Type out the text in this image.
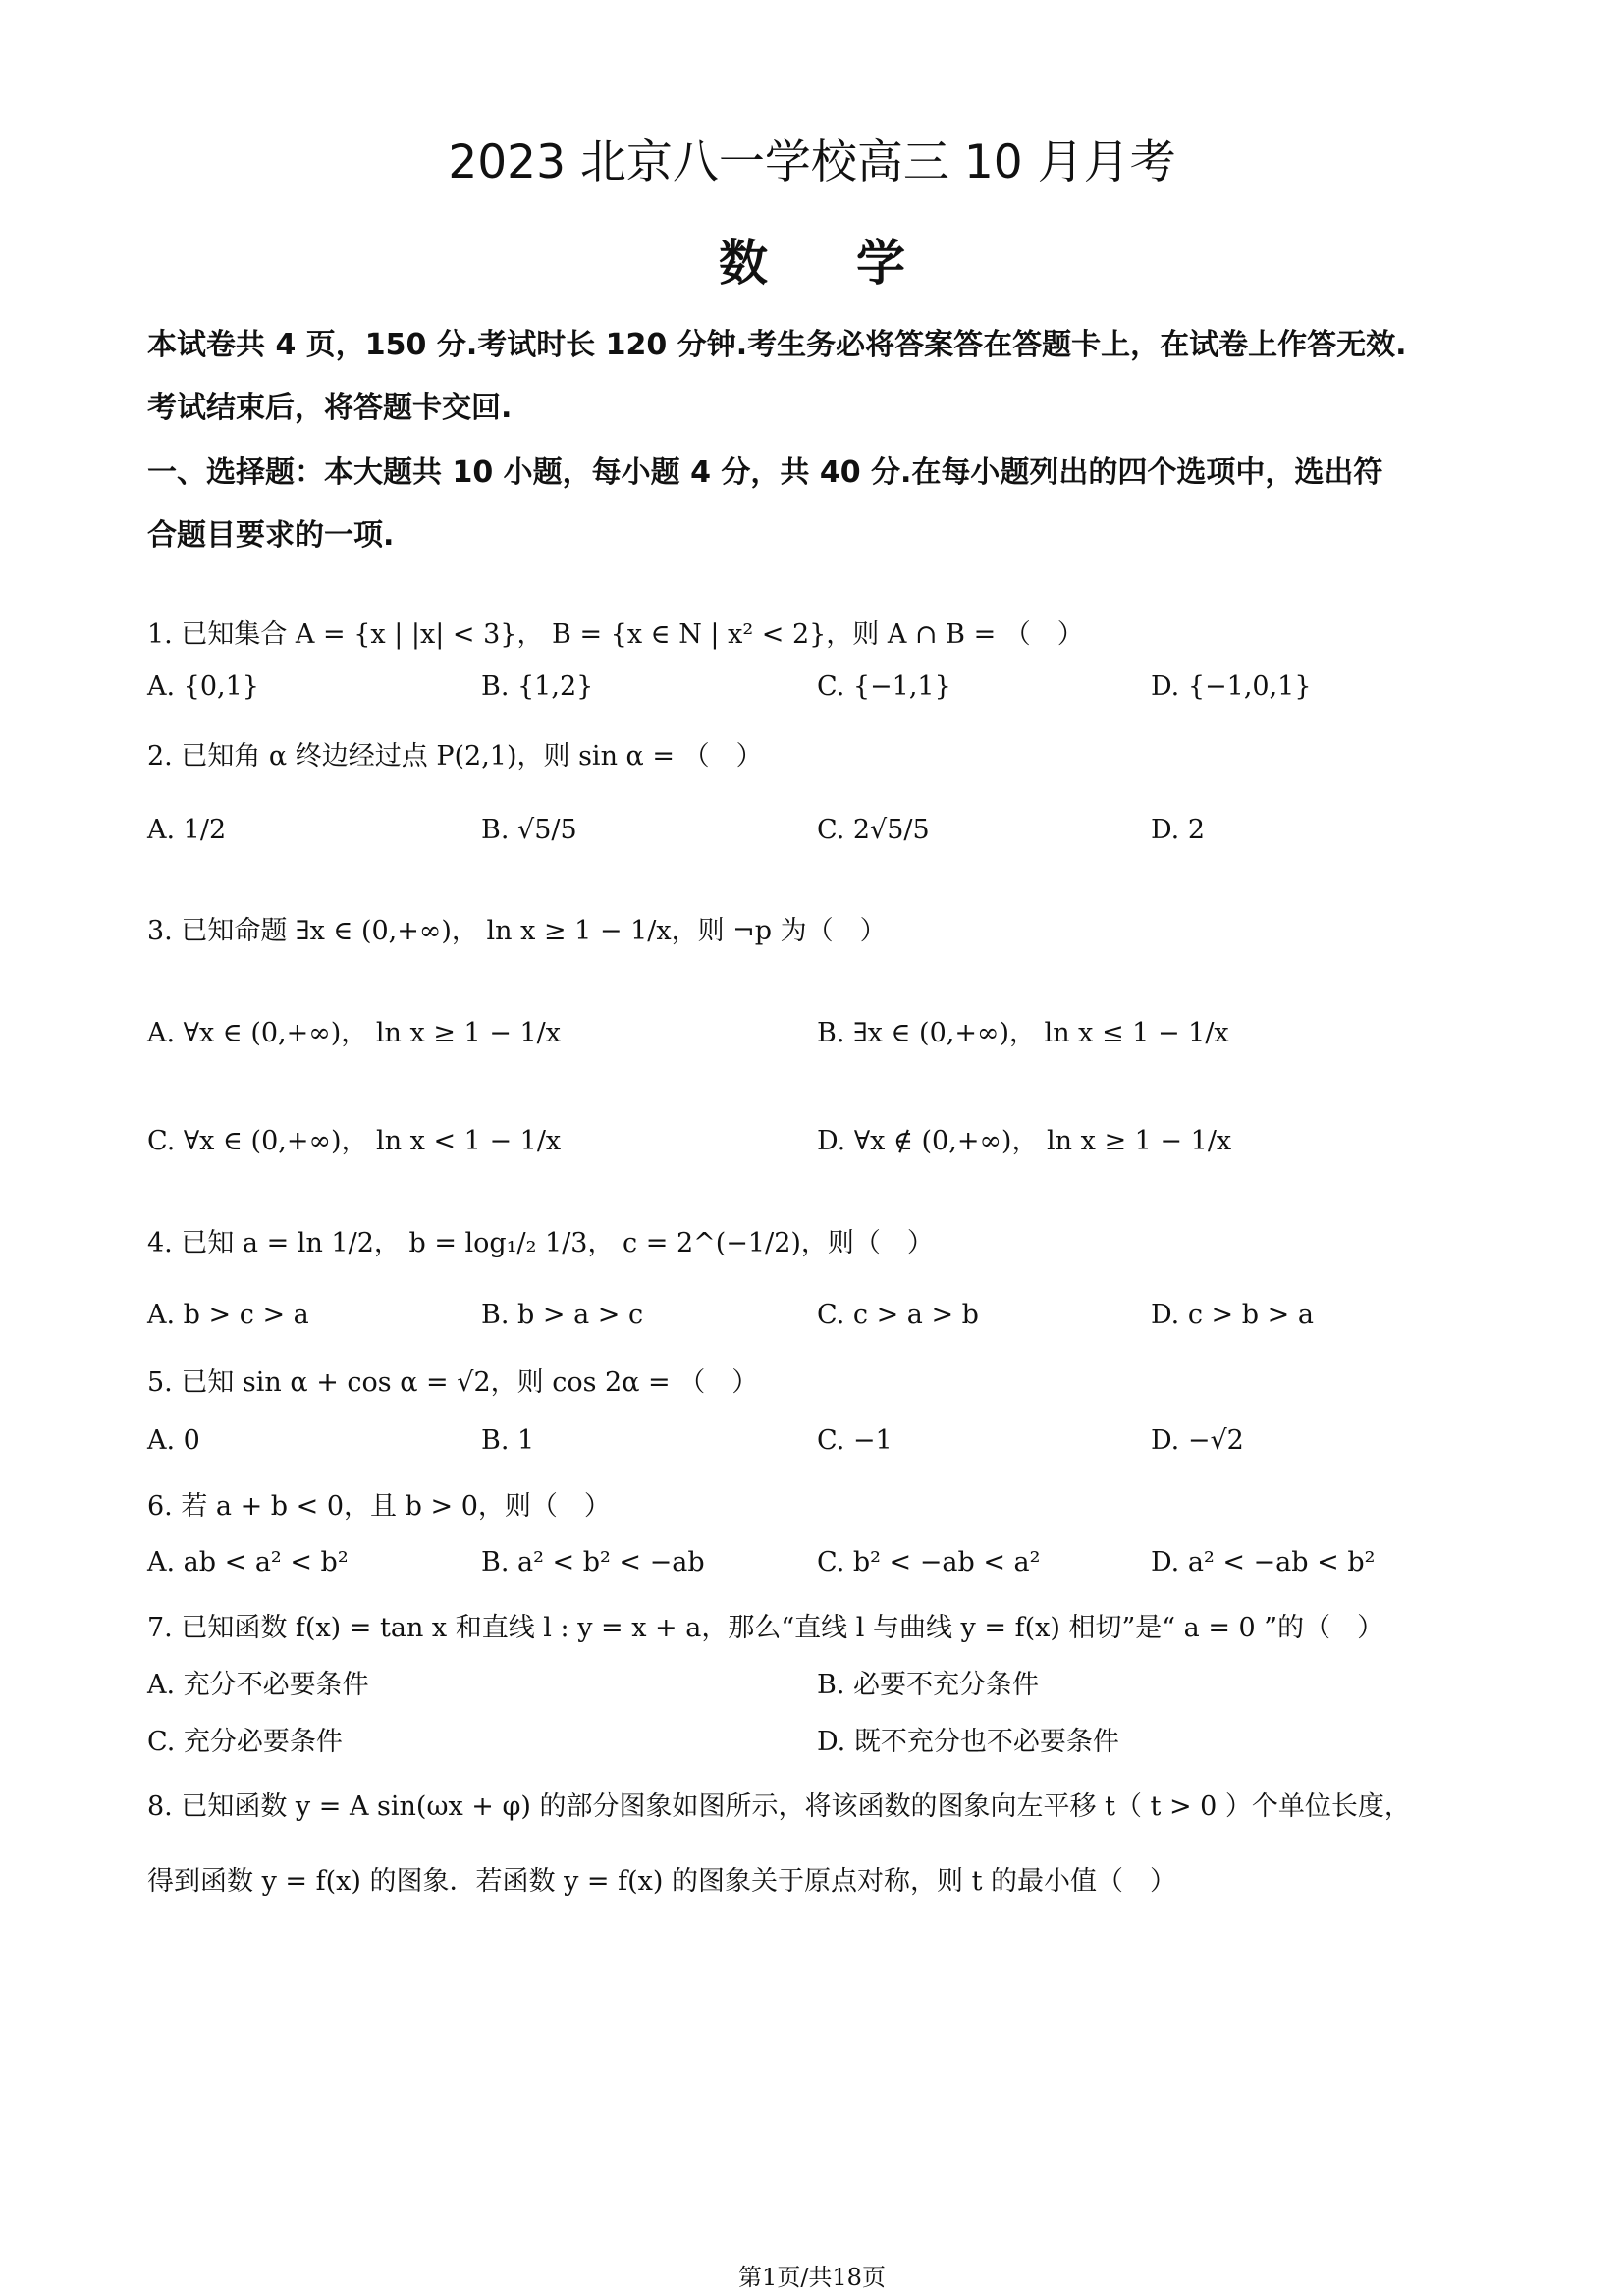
2023 北京八一学校高三 10 月月考
数学
本试卷共 4 页，150 分.考试时长 120 分钟.考生务必将答案答在答题卡上，在试卷上作答无效.
考试结束后，将答题卡交回.
一、选择题：本大题共 10 小题，每小题 4 分，共 40 分.在每小题列出的四个选项中，选出符
合题目要求的一项.
1. 已知集合 A = {x | |x| < 3}， B = {x ∈ N | x² < 2}，则 A ∩ B = （　）
A. {0,1}	B. {1,2}	C. {−1,1}	D. {−1,0,1}
2. 已知角 α 终边经过点 P(2,1)，则 sin α = （　）
A. 1/2	B. √5/5	C. 2√5/5	D. 2
3. 已知命题 ∃x ∈ (0,+∞)， ln x ≥ 1 − 1/x，则 ¬p 为（　）
A. ∀x ∈ (0,+∞)， ln x ≥ 1 − 1/x	B. ∃x ∈ (0,+∞)， ln x ≤ 1 − 1/x
C. ∀x ∈ (0,+∞)， ln x < 1 − 1/x	D. ∀x ∉ (0,+∞)， ln x ≥ 1 − 1/x
4. 已知 a = ln 1/2， b = log₁/₂ 1/3， c = 2^(−1/2)，则（　）
A. b > c > a	B. b > a > c	C. c > a > b	D. c > b > a
5. 已知 sin α + cos α = √2，则 cos 2α = （　）
A. 0	B. 1	C. −1	D. −√2
6. 若 a + b < 0，且 b > 0，则（　）
A. ab < a² < b²	B. a² < b² < −ab	C. b² < −ab < a²	D. a² < −ab < b²
7. 已知函数 f(x) = tan x 和直线 l : y = x + a，那么“直线 l 与曲线 y = f(x) 相切”是“ a = 0 ”的（　）
A. 充分不必要条件	B. 必要不充分条件
C. 充分必要条件	D. 既不充分也不必要条件
8. 已知函数 y = A sin(ωx + φ) 的部分图象如图所示，将该函数的图象向左平移 t（ t > 0 ）个单位长度，
得到函数 y = f(x) 的图象．若函数 y = f(x) 的图象关于原点对称，则 t 的最小值（　）
第1页/共18页
